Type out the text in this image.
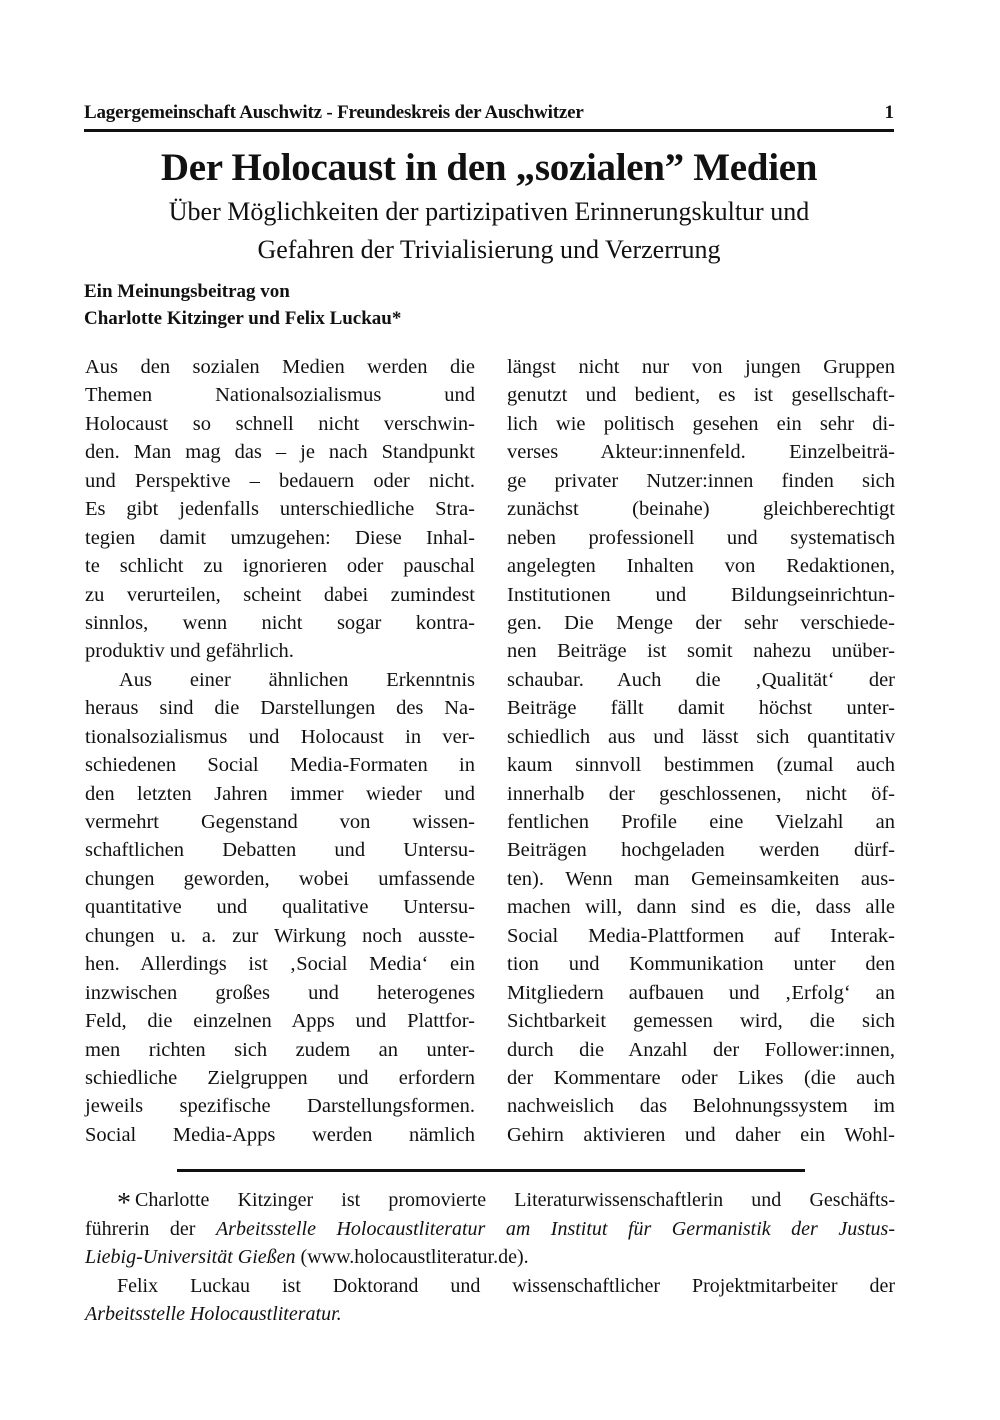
Lagergemeinschaft Auschwitz - Freundeskreis der Auschwitzer	1
Der Holocaust in den „sozialen” Medien
Über Möglichkeiten der partizipativen Erinnerungskultur und
Gefahren der Trivialisierung und Verzerrung
Ein Meinungsbeitrag von
Charlotte Kitzinger und Felix Luckau*
Aus den sozialen Medien werden die
Themen Nationalsozialismus und
Holocaust so schnell nicht verschwin-
den. Man mag das – je nach Standpunkt
und Perspektive – bedauern oder nicht.
Es gibt jedenfalls unterschiedliche Stra-
tegien damit umzugehen: Diese Inhal-
te schlicht zu ignorieren oder pauschal
zu verurteilen, scheint dabei zumindest
sinnlos, wenn nicht sogar kontra-
produktiv und gefährlich.
Aus einer ähnlichen Erkenntnis
heraus sind die Darstellungen des Na-
tionalsozialismus und Holocaust in ver-
schiedenen Social Media-Formaten in
den letzten Jahren immer wieder und
vermehrt Gegenstand von wissen-
schaftlichen Debatten und Untersu-
chungen geworden, wobei umfassende
quantitative und qualitative Untersu-
chungen u. a. zur Wirkung noch ausste-
hen. Allerdings ist ‚Social Media‘ ein
inzwischen großes und heterogenes
Feld, die einzelnen Apps und Plattfor-
men richten sich zudem an unter-
schiedliche Zielgruppen und erfordern
jeweils spezifische Darstellungsformen.
Social Media-Apps werden nämlich
längst nicht nur von jungen Gruppen
genutzt und bedient, es ist gesellschaft-
lich wie politisch gesehen ein sehr di-
verses Akteur:innenfeld. Einzelbeiträ-
ge privater Nutzer:innen finden sich
zunächst (beinahe) gleichberechtigt
neben professionell und systematisch
angelegten Inhalten von Redaktionen,
Institutionen und Bildungseinrichtun-
gen. Die Menge der sehr verschiede-
nen Beiträge ist somit nahezu unüber-
schaubar. Auch die ‚Qualität‘ der
Beiträge fällt damit höchst unter-
schiedlich aus und lässt sich quantitativ
kaum sinnvoll bestimmen (zumal auch
innerhalb der geschlossenen, nicht öf-
fentlichen Profile eine Vielzahl an
Beiträgen hochgeladen werden dürf-
ten). Wenn man Gemeinsamkeiten aus-
machen will, dann sind es die, dass alle
Social Media-Plattformen auf Interak-
tion und Kommunikation unter den
Mitgliedern aufbauen und ‚Erfolg‘ an
Sichtbarkeit gemessen wird, die sich
durch die Anzahl der Follower:innen,
der Kommentare oder Likes (die auch
nachweislich das Belohnungssystem im
Gehirn aktivieren und daher ein Wohl-
* Charlotte Kitzinger ist promovierte Literaturwissenschaftlerin und Geschäfts-
führerin der Arbeitsstelle Holocaustliteratur am Institut für Germanistik der Justus-
Liebig-Universität Gießen (www.holocaustliteratur.de).
Felix Luckau ist Doktorand und wissenschaftlicher Projektmitarbeiter der
Arbeitsstelle Holocaustliteratur.
